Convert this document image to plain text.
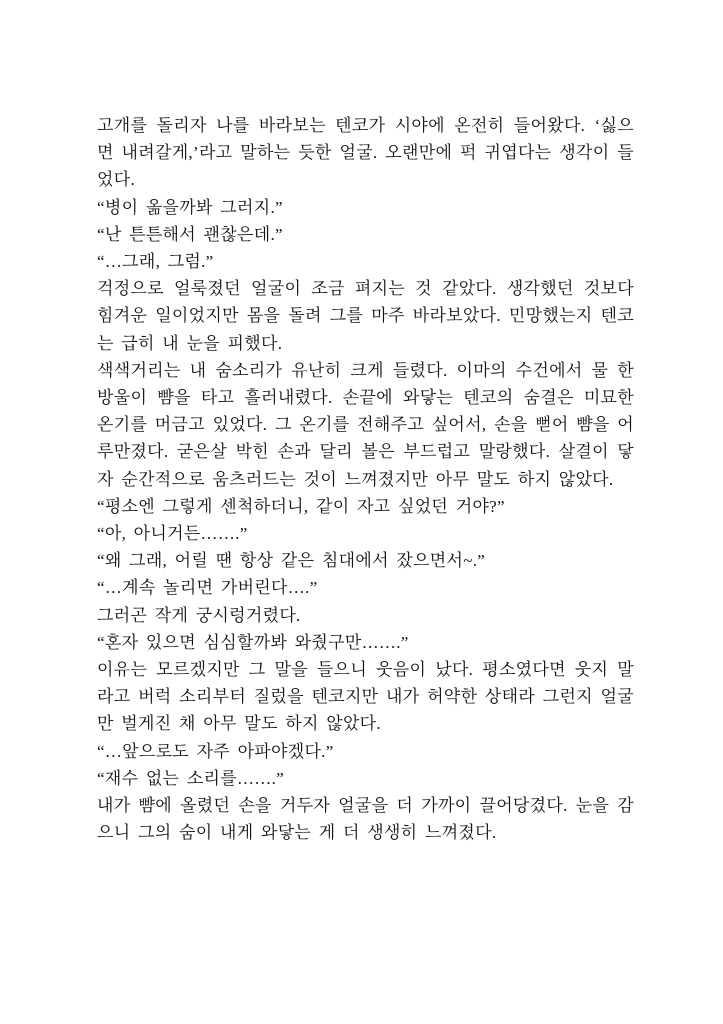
고개를 돌리자 나를 바라보는 텐코가 시야에 온전히 들어왔다. ‘싫으면 내려갈게,’라고 말하는 듯한 얼굴. 오랜만에 퍽 귀엽다는 생각이 들었다.

“병이 옮을까봐 그러지.”

“난 튼튼해서 괜찮은데.”

“…그래, 그럼.”

걱정으로 얼룩졌던 얼굴이 조금 펴지는 것 같았다. 생각했던 것보다 힘겨운 일이었지만 몸을 돌려 그를 마주 바라보았다. 민망했는지 텐코는 급히 내 눈을 피했다.

색색거리는 내 숨소리가 유난히 크게 들렸다. 이마의 수건에서 물 한 방울이 뺨을 타고 흘러내렸다. 손끝에 와닿는 텐코의 숨결은 미묘한 온기를 머금고 있었다. 그 온기를 전해주고 싶어서, 손을 뻗어 뺨을 어루만졌다. 굳은살 박힌 손과 달리 볼은 부드럽고 말랑했다. 살결이 닿자 순간적으로 움츠러드는 것이 느껴졌지만 아무 말도 하지 않았다.

“평소엔 그렇게 센척하더니, 같이 자고 싶었던 거야?”

“아, 아니거든…….”

“왜 그래, 어릴 땐 항상 같은 침대에서 잤으면서~.”

“…계속 놀리면 가버린다….”

그러곤 작게 궁시렁거렸다.

“혼자 있으면 심심할까봐 와줬구만…….”

이유는 모르겠지만 그 말을 들으니 웃음이 났다. 평소였다면 웃지 말라고 버럭 소리부터 질렀을 텐코지만 내가 허약한 상태라 그런지 얼굴만 벌게진 채 아무 말도 하지 않았다.

“…앞으로도 자주 아파야겠다.”

“재수 없는 소리를…….”

내가 뺨에 올렸던 손을 거두자 얼굴을 더 가까이 끌어당겼다. 눈을 감으니 그의 숨이 내게 와닿는 게 더 생생히 느껴졌다.
